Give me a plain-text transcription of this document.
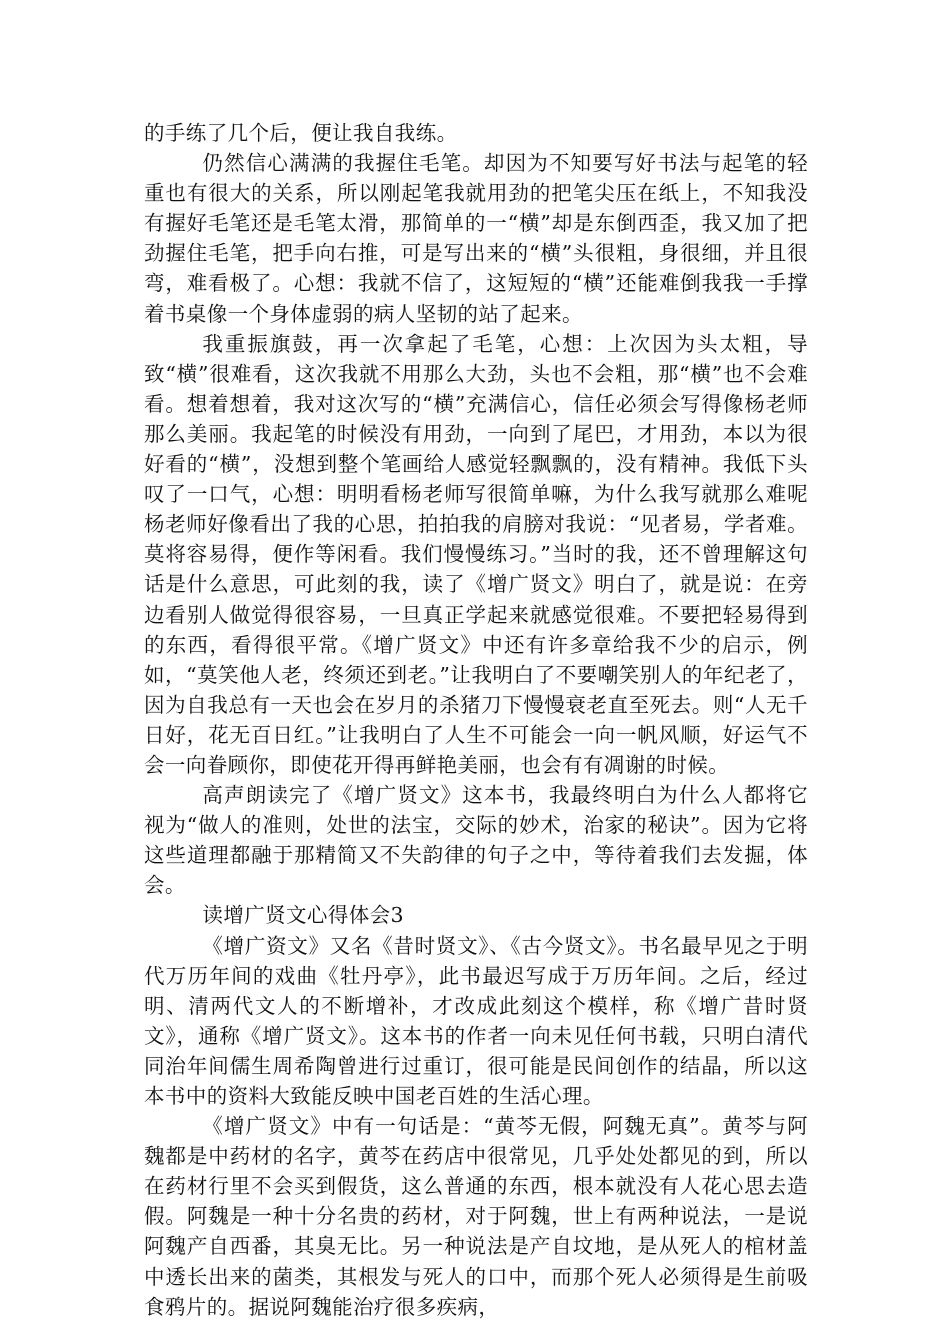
的手练了几个后，便让我自我练。

仍然信心满满的我握住毛笔。却因为不知要写好书法与起笔的轻重也有很大的关系，所以刚起笔我就用劲的把笔尖压在纸上，不知我没有握好毛笔还是毛笔太滑，那简单的一“横”却是东倒西歪，我又加了把劲握住毛笔，把手向右推，可是写出来的“横”头很粗，身很细，并且很弯，难看极了。心想：我就不信了，这短短的“横”还能难倒我我一手撑着书桌像一个身体虚弱的病人坚韧的站了起来。

我重振旗鼓，再一次拿起了毛笔，心想：上次因为头太粗，导致“横”很难看，这次我就不用那么大劲，头也不会粗，那“横”也不会难看。想着想着，我对这次写的“横”充满信心，信任必须会写得像杨老师那么美丽。我起笔的时候没有用劲，一向到了尾巴，才用劲，本以为很好看的“横”，没想到整个笔画给人感觉轻飘飘的，没有精神。我低下头叹了一口气，心想：明明看杨老师写很简单嘛，为什么我写就那么难呢杨老师好像看出了我的心思，拍拍我的肩膀对我说：“见者易，学者难。莫将容易得，便作等闲看。我们慢慢练习。”当时的我，还不曾理解这句话是什么意思，可此刻的我，读了《增广贤文》明白了，就是说：在旁边看别人做觉得很容易，一旦真正学起来就感觉很难。不要把轻易得到的东西，看得很平常。《增广贤文》中还有许多章给我不少的启示，例如，“莫笑他人老，终须还到老。”让我明白了不要嘲笑别人的年纪老了，因为自我总有一天也会在岁月的杀猪刀下慢慢衰老直至死去。则“人无千日好，花无百日红。”让我明白了人生不可能会一向一帆风顺，好运气不会一向眷顾你，即使花开得再鲜艳美丽，也会有有凋谢的时候。

高声朗读完了《增广贤文》这本书，我最终明白为什么人都将它视为“做人的准则，处世的法宝，交际的妙术，治家的秘诀”。因为它将这些道理都融于那精简又不失韵律的句子之中，等待着我们去发掘，体会。

读增广贤文心得体会3

《增广资文》又名《昔时贤文》、《古今贤文》。书名最早见之于明代万历年间的戏曲《牡丹亭》，此书最迟写成于万历年间。之后，经过明、清两代文人的不断增补，才改成此刻这个模样，称《增广昔时贤文》，通称《增广贤文》。这本书的作者一向未见任何书载，只明白清代同治年间儒生周希陶曾进行过重订，很可能是民间创作的结晶，所以这本书中的资料大致能反映中国老百姓的生活心理。

《增广贤文》中有一句话是：“黄芩无假，阿魏无真”。黄芩与阿魏都是中药材的名字，黄芩在药店中很常见，几乎处处都见的到，所以在药材行里不会买到假货，这么普通的东西，根本就没有人花心思去造假。阿魏是一种十分名贵的药材，对于阿魏，世上有两种说法，一是说阿魏产自西番，其臭无比。另一种说法是产自坟地，是从死人的棺材盖中透长出来的菌类，其根发与死人的口中，而那个死人必须得是生前吸食鸦片的。据说阿魏能治疗很多疾病，
